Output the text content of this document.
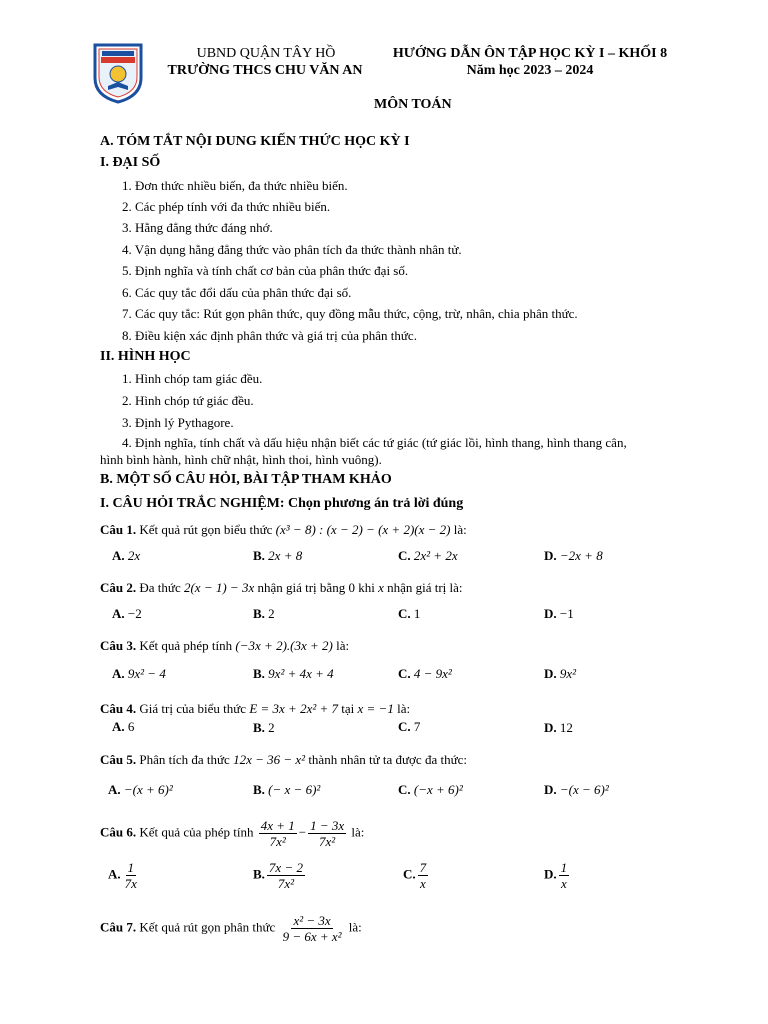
UBND QUẬN TÂY HỒ
TRƯỜNG THCS CHU VĂN AN
HƯỚNG DẪN ÔN TẬP HỌC KỲ I – KHỐI 8
Năm học 2023 – 2024
MÔN TOÁN
A. TÓM TẮT NỘI DUNG KIẾN THỨC HỌC KỲ I
I. ĐẠI SỐ
1. Đơn thức nhiều biến, đa thức nhiều biến.
2. Các phép tính với đa thức nhiều biến.
3. Hằng đẳng thức đáng nhớ.
4. Vận dụng hằng đẳng thức vào phân tích đa thức thành nhân tử.
5. Định nghĩa và tính chất cơ bản của phân thức đại số.
6. Các quy tắc đổi dấu của phân thức đại số.
7. Các quy tắc: Rút gọn phân thức, quy đồng mẫu thức, cộng, trừ, nhân, chia phân thức.
8. Điều kiện xác định phân thức và giá trị của phân thức.
II. HÌNH HỌC
1. Hình chóp tam giác đều.
2. Hình chóp tứ giác đều.
3. Định lý Pythagore.
4. Định nghĩa, tính chất và dấu hiệu nhận biết các tứ giác (tứ giác lồi, hình thang, hình thang cân,
hình bình hành, hình chữ nhật, hình thoi, hình vuông).
B. MỘT SỐ CÂU HỎI, BÀI TẬP THAM KHẢO
I. CÂU HỎI TRẮC NGHIỆM: Chọn phương án trả lời đúng
Câu 1. Kết quả rút gọn biểu thức (x³ − 8) : (x − 2) − (x + 2)(x − 2) là:
A. 2x	B. 2x + 8	C. 2x² + 2x	D. −2x + 8
Câu 2. Đa thức 2(x − 1) − 3x nhận giá trị bằng 0 khi x nhận giá trị là:
A. −2	B. 2	C. 1	D. −1
Câu 3. Kết quả phép tính (−3x + 2).(3x + 2) là:
A. 9x² − 4	B. 9x² + 4x + 4	C. 4 − 9x²	D. 9x²
Câu 4. Giá trị của biểu thức E = 3x + 2x² + 7 tại x = −1 là:
A. 6	B. 2	C. 7	D. 12
Câu 5. Phân tích đa thức 12x − 36 − x² thành nhân tử ta được đa thức:
A. −(x + 6)²	B. (− x − 6)²	C. (−x + 6)²	D. −(x − 6)²
Câu 6. Kết quả của phép tính $\frac{4x + 1}{\text{7x²}} - \frac{1 - 3x}{\text{7x²}}$ là:
A. $\frac{1}{7x}$	B. $\frac{7x - 2}{\text{7x²}}$	C. $\frac{7}{x}$	D. $\frac{1}{x}$
Câu 7. Kết quả rút gọn phân thức $\frac{\text{x² − 3x}}{\text{9 − 6x + x²}}$ là:
